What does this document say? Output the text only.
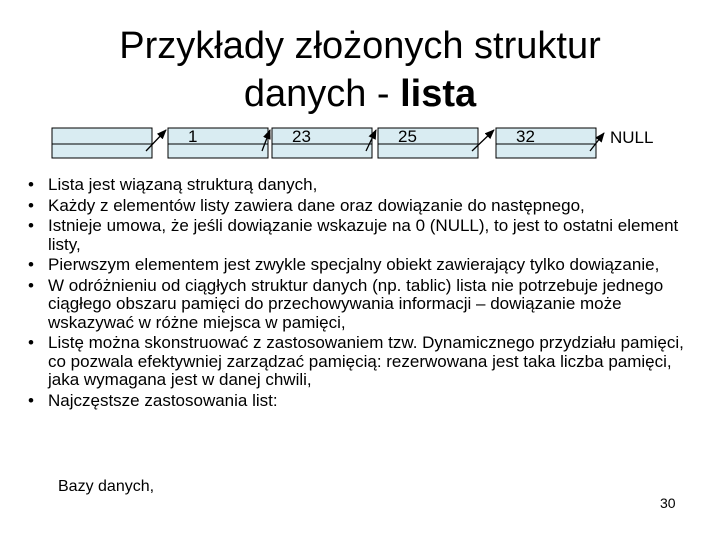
Przykłady złożonych struktur
danych - lista
1	23	25	32	NULL
• Lista jest wiązaną strukturą danych,
• Każdy z elementów listy zawiera dane oraz dowiązanie do następnego,
• Istnieje umowa, że jeśli dowiązanie wskazuje na 0 (NULL), to jest to ostatni element listy,
• Pierwszym elementem jest zwykle specjalny obiekt zawierający tylko dowiązanie,
• W odróżnieniu od ciągłych struktur danych (np. tablic) lista nie potrzebuje jednego ciągłego obszaru pamięci do przechowywania informacji – dowiązanie może wskazywać w różne miejsca w pamięci,
• Listę można skonstruować z zastosowaniem tzw. Dynamicznego przydziału pamięci, co pozwala efektywniej zarządzać pamięcią: rezerwowana jest taka liczba pamięci, jaka wymagana jest w danej chwili,
• Najczęstsze zastosowania list:
Bazy danych,
30
